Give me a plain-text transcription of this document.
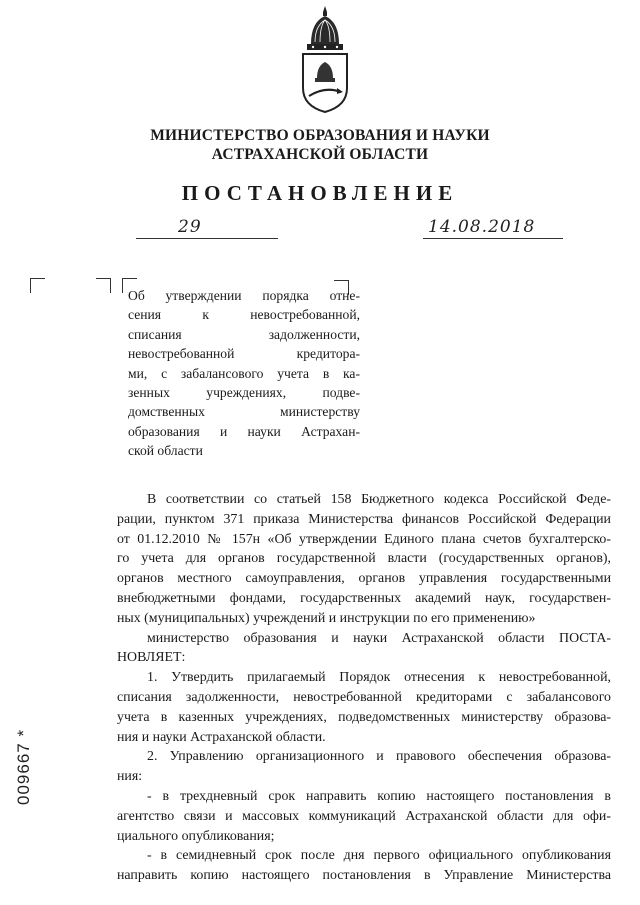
МИНИСТЕРСТВО ОБРАЗОВАНИЯ И НАУКИ
АСТРАХАНСКОЙ ОБЛАСТИ
ПОСТАНОВЛЕНИЕ
29	14.08.2018
Об утверждении порядка отне-
сения к невостребованной,
списания задолженности,
невостребованной кредитора-
ми, с забалансового учета в ка-
зенных учреждениях, подве-
домственных министерству
образования и науки Астрахан-
ской области
В соответствии со статьей 158 Бюджетного кодекса Российской Феде-
рации, пунктом 371 приказа Министерства финансов Российской Федерации
от 01.12.2010 № 157н «Об утверждении Единого плана счетов бухгалтерско-
го учета для органов государственной власти (государственных органов),
органов местного самоуправления, органов управления государственными
внебюджетными фондами, государственных академий наук, государствен-
ных (муниципальных) учреждений и инструкции по его применению»
министерство образования и науки Астраханской области ПОСТА-
НОВЛЯЕТ:
1. Утвердить прилагаемый Порядок отнесения к невостребованной,
списания задолженности, невостребованной кредиторами с забалансового
учета в казенных учреждениях, подведомственных министерству образова-
ния и науки Астраханской области.
2. Управлению организационного и правового обеспечения образова-
ния:
- в трехдневный срок направить копию настоящего постановления в
агентство связи и массовых коммуникаций Астраханской области для офи-
циального опубликования;
- в семидневный срок после дня первого официального опубликования
направить копию настоящего постановления в Управление Министерства
009667 *
